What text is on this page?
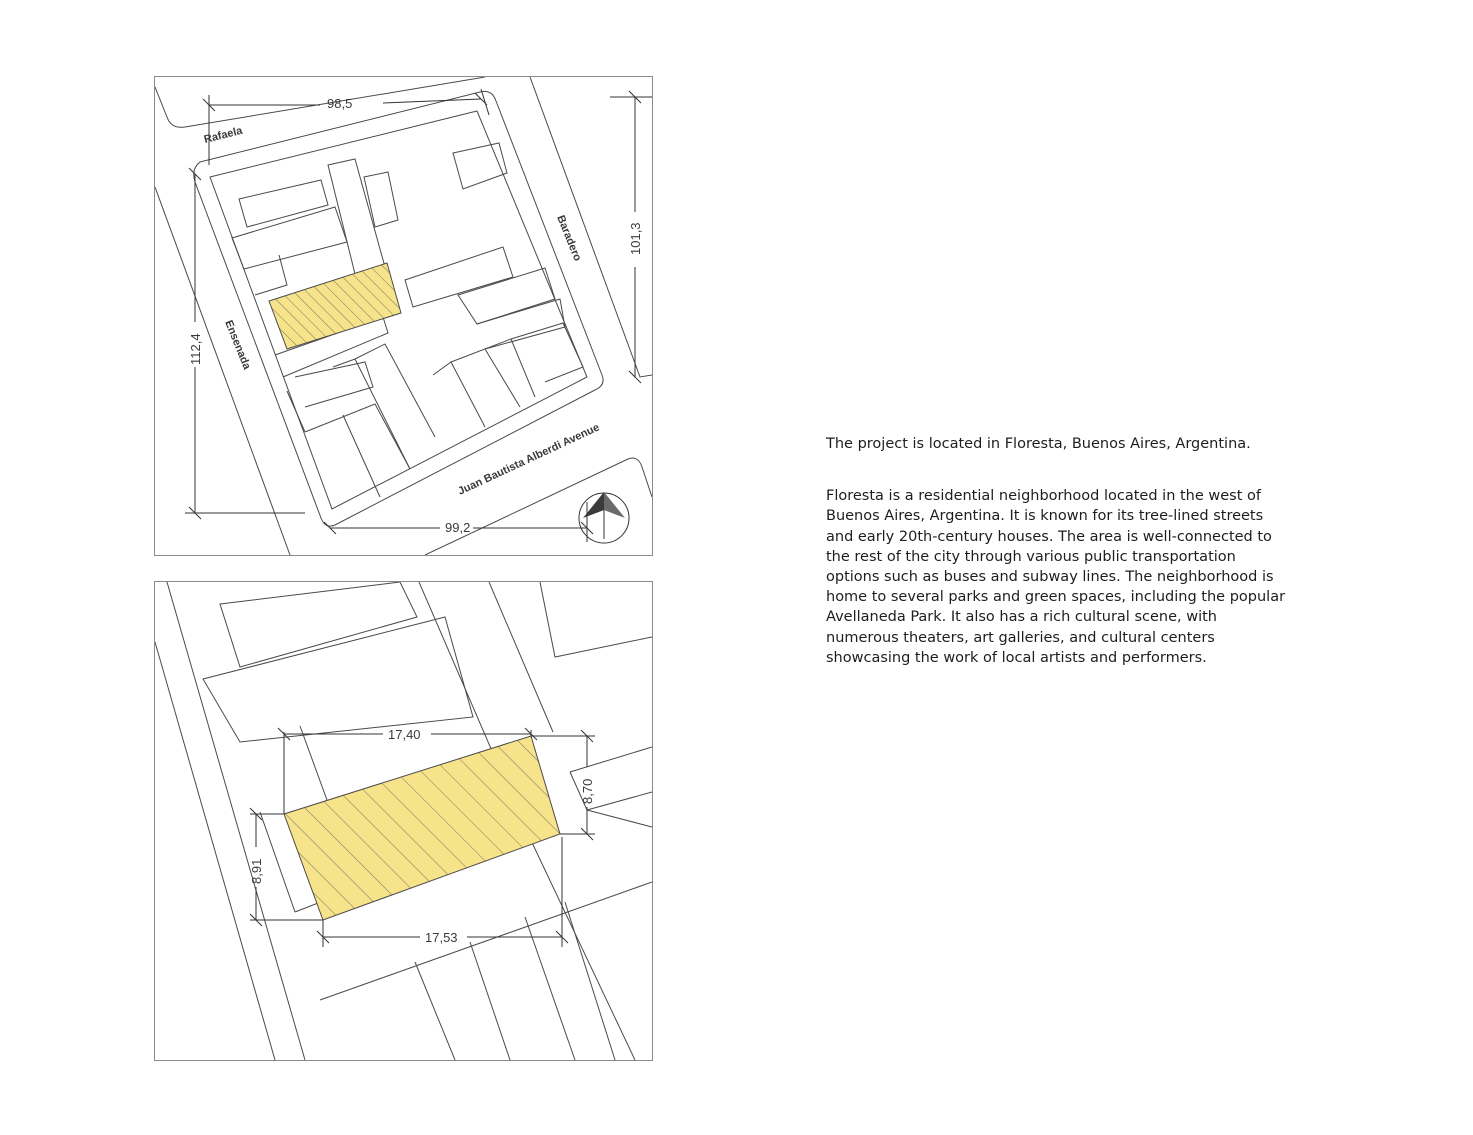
Rafaela
Baradero
Ensenada
Juan Bautista Alberdi Avenue
98,5
101,3
112,4
99,2
17,40
8,70
8,91
17,53

The project is located in Floresta, Buenos Aires, Argentina.

Floresta is a residential neighborhood located in the west of Buenos Aires, Argentina. It is known for its tree-lined streets and early 20th-century houses. The area is well-connected to the rest of the city through various public transportation options such as buses and subway lines. The neighborhood is home to several parks and green spaces, including the popular Avellaneda Park. It also has a rich cultural scene, with numerous theaters, art galleries, and cultural centers showcasing the work of local artists and performers.
